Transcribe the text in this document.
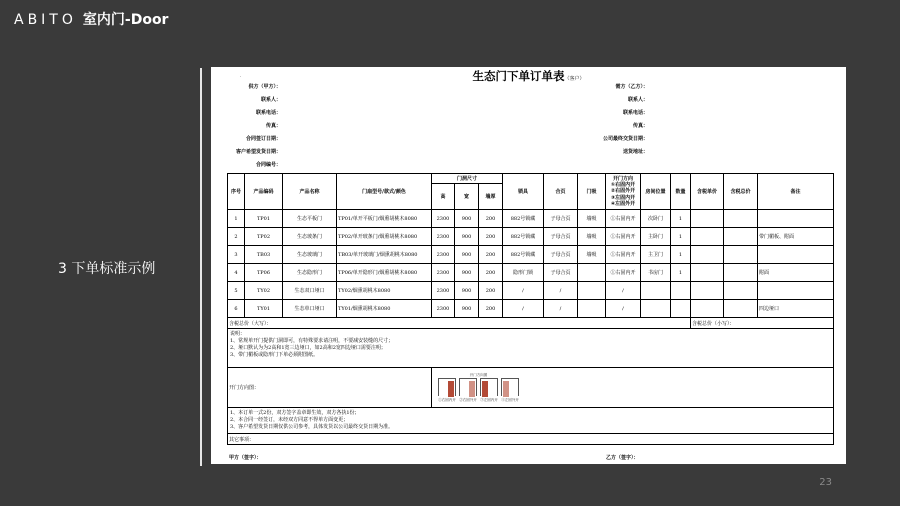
ABITO 室内门-Door
3 下单标准示例
23
.	生态门下单订单表（客户）
供方（甲方）：
联系人：
联系电话：
传真：
合同签订日期：
客户希望发货日期：
合同编号：
需方（乙方）：
联系人：
联系电话：
传真：
公司最终交货日期：
送货地址：
序号	产品编码	产品名称	门扇型号/款式/颜色	门洞尺寸			锁具	合页	门吸	开门方向
①右固内开
②右固外开
③左固内开
④左固外开	房间位置	数量	含税单价	含税总价	备注
				高	宽	墙厚									
1	TP01	生态平板门	TP01/单开平板门/烟熏胡桃木8080	2300	900	200	882号锁藏	子母合页	墙吸	①右固内开	次卧门	1			
2	TP02	生态玻条门	TP02/单开玻条门/烟熏胡桃木8080	2300	900	200	882号锁藏	子母合页	墙吸	①右固内开	主卧门	1			带门楣板、附面
3	TB03	生态玻璃门	TB03/单开玻璃门/烟熏胡桃木8080	2300	900	200	882号锁藏	子母合页	墙吸	①右固内开	主卫门	1			
4	TP06	生态隐形门	TP06/单开隐形门/烟熏胡桃木8080	2300	900	200	隐形门锁	子母合页		①右固内开	书房门	1			附面
5	TY02	生态双口垭口	TY02/烟熏胡桃木8080	2300	900	200	/	/		/					
6	TY01	生态单口垭口	TY01/烟熏胡桃木8080	2300	900	200	/	/		/					四边垭口
含税总价（大写）：													含税总价（小写）：		

说明：
1、常规单开门提供门洞即可，有特殊要求请注明，不要减安装缝的尺寸；
2、垭口默认为为2高和1宽三边垭口，如2高和2宽四边垭口需要注明；
3、带门楣板或隐形门下单必须附图纸。															

开门方向图：				开门方向图
①右固内开 ②右固外开 ③左固内开 ④左固外开											

1、本订单一式2份，双方签字盖章即生效，双方各执1份；
2、本合同一经签订，未经双方同意不得单方面变更；
3、客户希望发货日期仅供公司参考，具体发货以公司最终交货日期为准。															

其它事项：															
甲方（签字）：	乙方（签字）：
